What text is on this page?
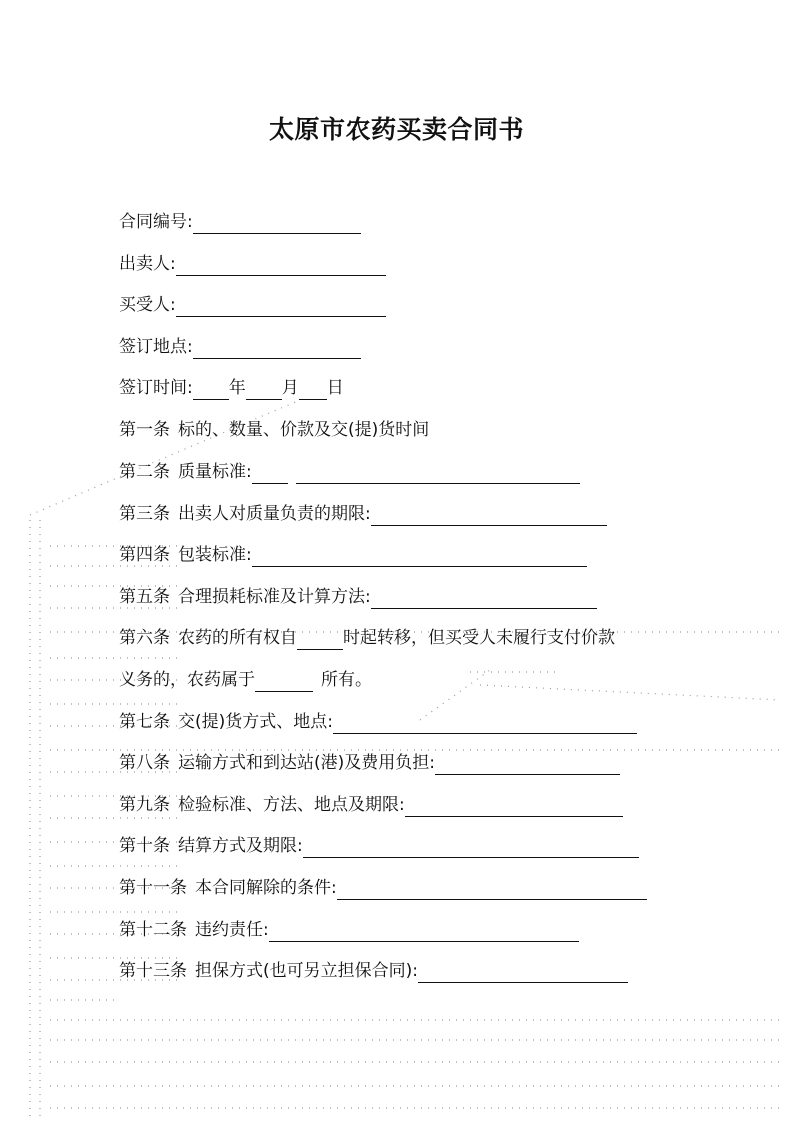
太原市农药买卖合同书
合同编号:
出卖人:
买受人:
签订地点:
签订时间: 年 月 日
第一条 标的、数量、价款及交(提)货时间
第二条 质量标准:
第三条 出卖人对质量负责的期限:
第四条 包装标准:
第五条 合理损耗标准及计算方法:
第六条 农药的所有权自	时起转移，但买受人未履行支付价款
义务的，农药属于	所有。
第七条 交(提)货方式、地点:
第八条 运输方式和到达站(港)及费用负担:
第九条 检验标准、方法、地点及期限:
第十条 结算方式及期限:
第十一条 本合同解除的条件:
第十二条 违约责任:
第十三条 担保方式(也可另立担保合同):
